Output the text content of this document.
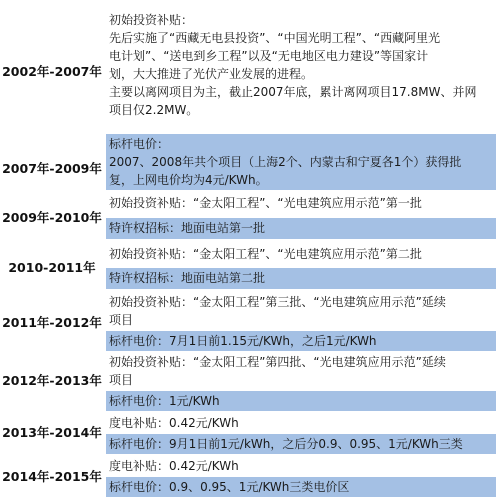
2002年-2007年
2007年-2009年
2009年-2010年
2010-2011年
2011年-2012年
2012年-2013年
2013年-2014年
2014年-2015年
初始投资补贴：
先后实施了“西藏无电县投资”、“中国光明工程”、“西藏阿里光
电计划”、“送电到乡工程”以及“无电地区电力建设”等国家计
划，大大推进了光伏产业发展的进程。
主要以离网项目为主，截止2007年底，累计离网项目17.8MW、并网
项目仅2.2MW。
标杆电价：
2007、2008年共个项目（上海2个、内蒙古和宁夏各1个）获得批
复，上网电价均为4元/KWh。
初始投资补贴：“金太阳工程”、“光电建筑应用示范”第一批
特许权招标：地面电站第一批
初始投资补贴：“金太阳工程”、“光电建筑应用示范”第二批
特许权招标：地面电站第二批
初始投资补贴：“金太阳工程”第三批、“光电建筑应用示范”延续
项目
标杆电价：7月1日前1.15元/KWh，之后1元/KWh
初始投资补贴：“金太阳工程”第四批、“光电建筑应用示范”延续
项目
标杆电价：1元/KWh
度电补贴：0.42元/KWh
标杆电价：9月1日前1元/kWh，之后分0.9、0.95、1元/KWh三类
度电补贴：0.42元/KWh
标杆电价：0.9、0.95、1元/KWh三类电价区
